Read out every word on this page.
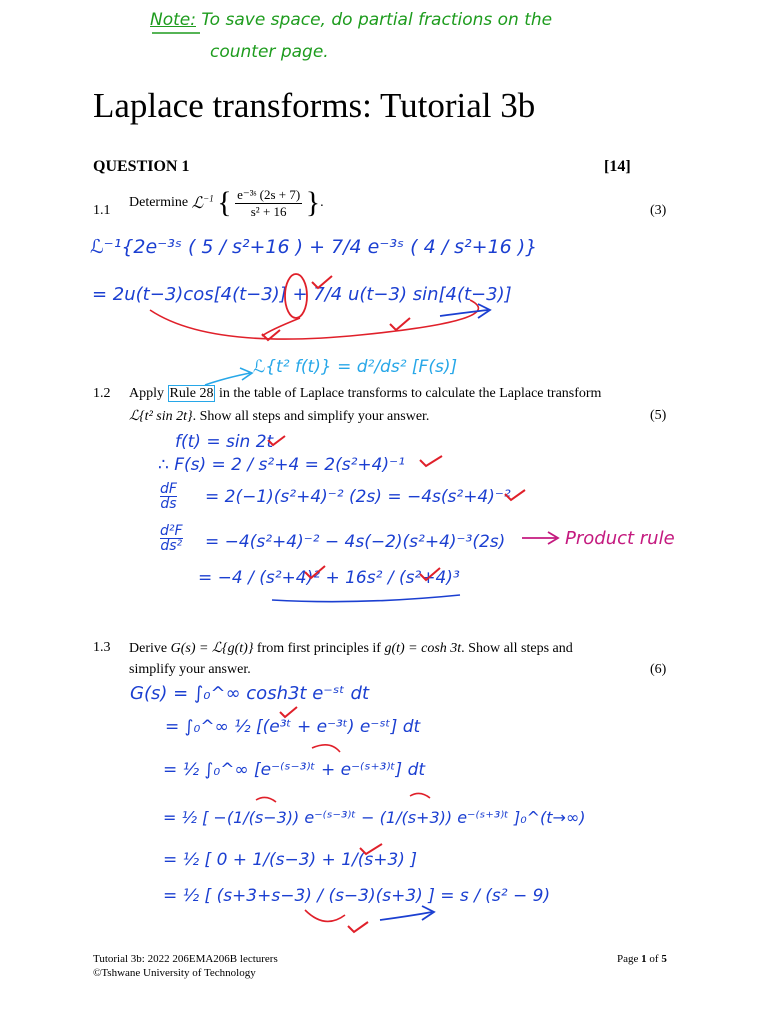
Note: To save space, do partial fractions on the
counter page.
Laplace transforms: Tutorial 3b
QUESTION 1	[14]
1.1
Determine ℒ$^{-1}$ { $\frac{\text{e⁻³ˢ (2s + 7)}}{\text{s² + 16}}$ }.
(3)
ℒ⁻¹{2e⁻³ˢ ( 5 / s²+16 ) + 7/4 e⁻³ˢ ( 4 / s²+16 )}
= 2u(t−3)cos[4(t−3)] + 7/4 u(t−3) sin[4(t−3)]
ℒ{t² f(t)} = d²/ds² [F(s)]
1.2 Apply Rule 28 in the table of Laplace transforms to calculate the Laplace transform
ℒ{t² sin 2t}. Show all steps and simplify your answer.	(5)
f(t) = sin 2t
∴ F(s) = 2 / s²+4 = 2(s²+4)⁻¹
dF
ds = 2(−1)(s²+4)⁻² (2s) = −4s(s²+4)⁻²
d²F
ds² = −4(s²+4)⁻² − 4s(−2)(s²+4)⁻³(2s)	Product rule
= −4 / (s²+4)² + 16s² / (s²+4)³
1.3 Derive G(s) = ℒ{g(t)} from first principles if g(t) = cosh 3t. Show all steps and
simplify your answer.	(6)
G(s) = ∫₀^∞ cosh3t e⁻ˢᵗ dt
= ∫₀^∞ ½ [(e³ᵗ + e⁻³ᵗ) e⁻ˢᵗ] dt
= ½ ∫₀^∞ [e⁻⁽ˢ⁻³⁾ᵗ + e⁻⁽ˢ⁺³⁾ᵗ] dt
= ½ [ −(1/(s−3)) e⁻⁽ˢ⁻³⁾ᵗ − (1/(s+3)) e⁻⁽ˢ⁺³⁾ᵗ ]₀^(t→∞)
= ½ [ 0 + 1/(s−3) + 1/(s+3) ]
= ½ [ (s+3+s−3) / (s−3)(s+3) ] = s / (s² − 9)
Tutorial 3b: 2022 206EMA206B lecturers
©Tshwane University of Technology
Page 1 of 5
